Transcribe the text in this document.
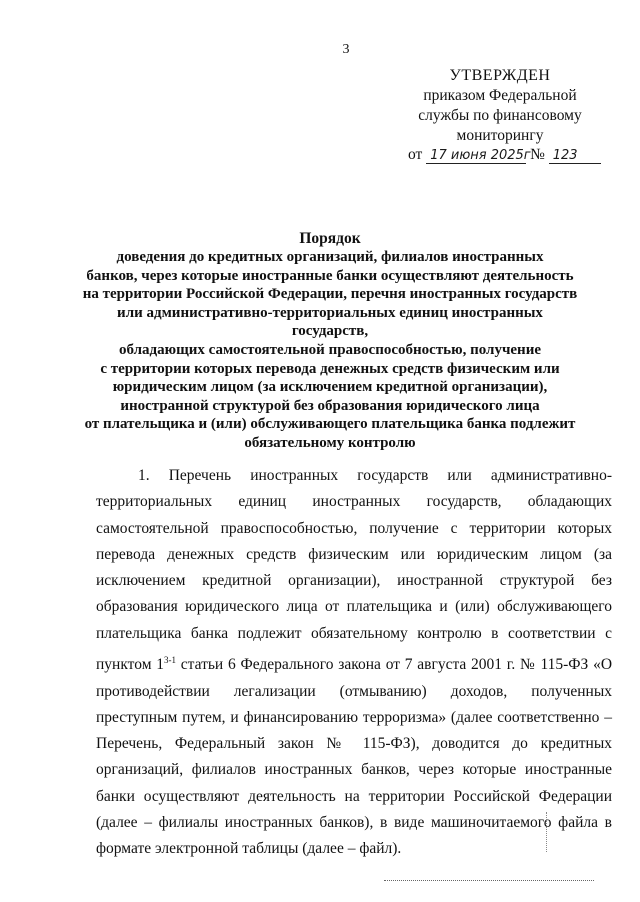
3
УТВЕРЖДЕН
приказом Федеральной
службы по финансовому
мониторингу
от 17 июня 2025г № 123
Порядок
доведения до кредитных организаций, филиалов иностранных
банков, через которые иностранные банки осуществляют деятельность
на территории Российской Федерации, перечня иностранных государств
или административно-территориальных единиц иностранных государств,
обладающих самостоятельной правоспособностью, получение
с территории которых перевода денежных средств физическим или
юридическим лицом (за исключением кредитной организации),
иностранной структурой без образования юридического лица
от плательщика и (или) обслуживающего плательщика банка подлежит
обязательному контролю
1. Перечень иностранных государств или административно-территориальных единиц иностранных государств, обладающих самостоятельной правоспособностью, получение с территории которых перевода денежных средств физическим или юридическим лицом (за исключением кредитной организации), иностранной структурой без образования юридического лица от плательщика и (или) обслуживающего плательщика банка подлежит обязательному контролю в соответствии с пунктом 1$^{3-1}$ статьи 6 Федерального закона от 7 августа 2001 г. № 115-ФЗ «О противодействии легализации (отмыванию) доходов, полученных преступным путем, и финансированию терроризма» (далее соответственно – Перечень, Федеральный закон № 115-ФЗ), доводится до кредитных организаций, филиалов иностранных банков, через которые иностранные банки осуществляют деятельность на территории Российской Федерации (далее – филиалы иностранных банков), в виде машиночитаемого файла в формате электронной таблицы (далее – файл).
